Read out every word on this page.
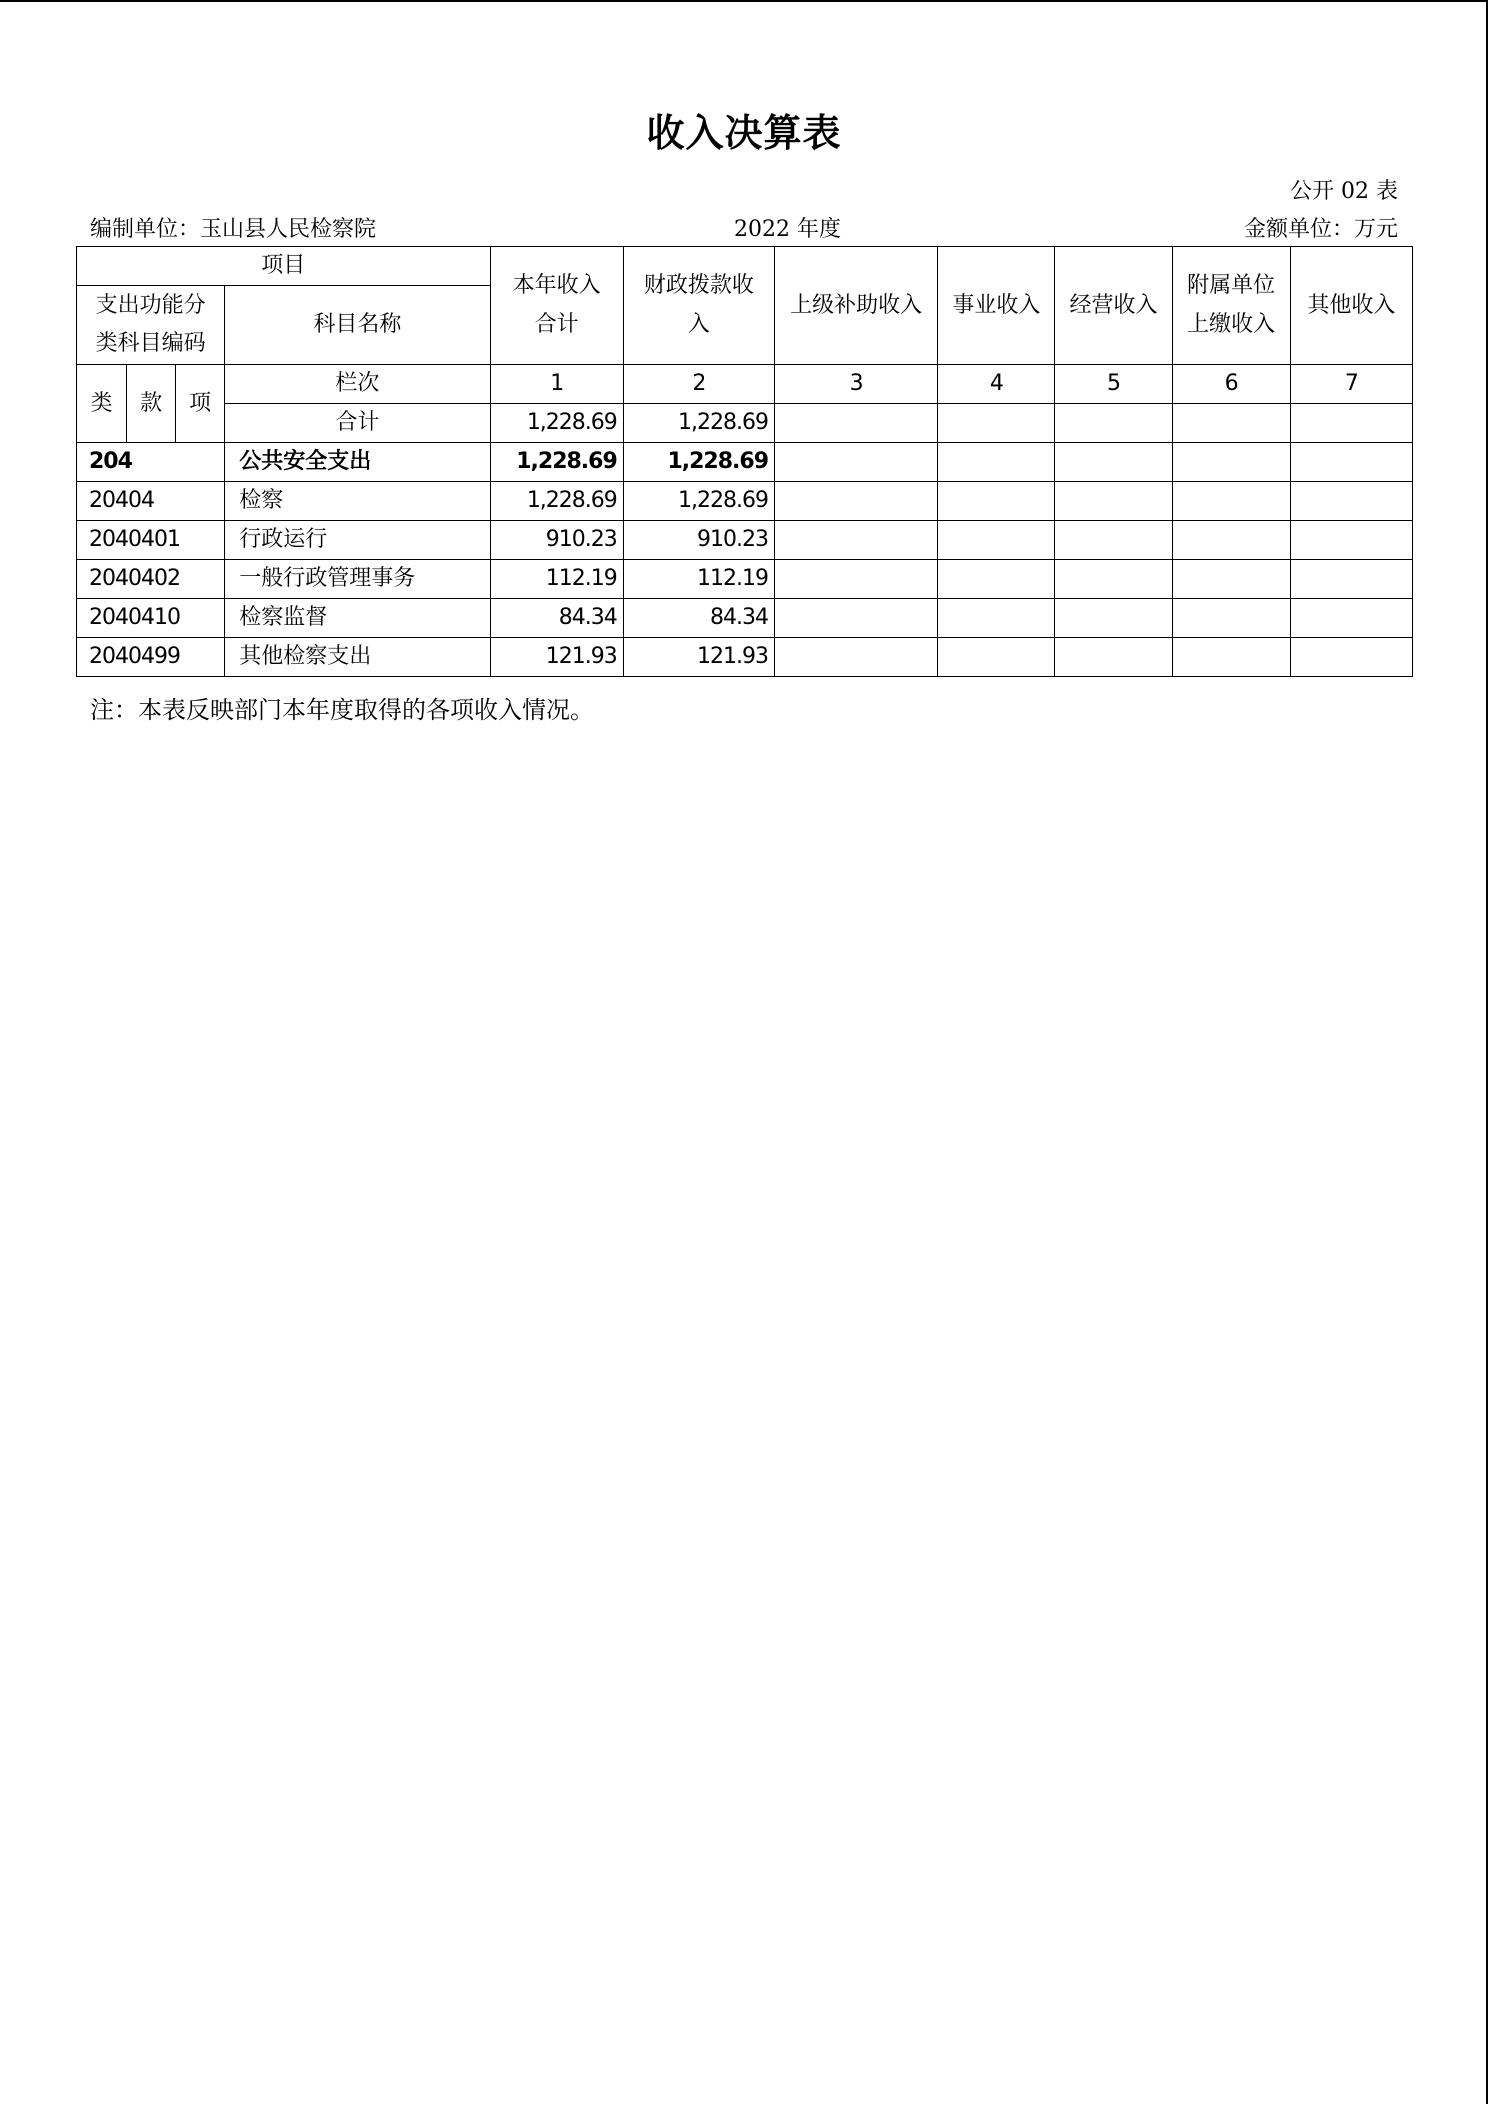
收入决算表
公开 02 表
编制单位：玉山县人民检察院	2022 年度	金额单位：万元
项目				本年收入合计	财政拨款收入	上级补助收入	事业收入	经营收入	附属单位上缴收入	其他收入
支出功能分类科目编码			科目名称							
类	款	项	栏次	1	2	3	4	5	6	7
			合计	1,228.69	1,228.69					
204			公共安全支出	1,228.69	1,228.69					
20404			检察	1,228.69	1,228.69					
2040401			行政运行	910.23	910.23					
2040402			一般行政管理事务	112.19	112.19					
2040410			检察监督	84.34	84.34					
2040499			其他检察支出	121.93	121.93					
注：本表反映部门本年度取得的各项收入情况。
